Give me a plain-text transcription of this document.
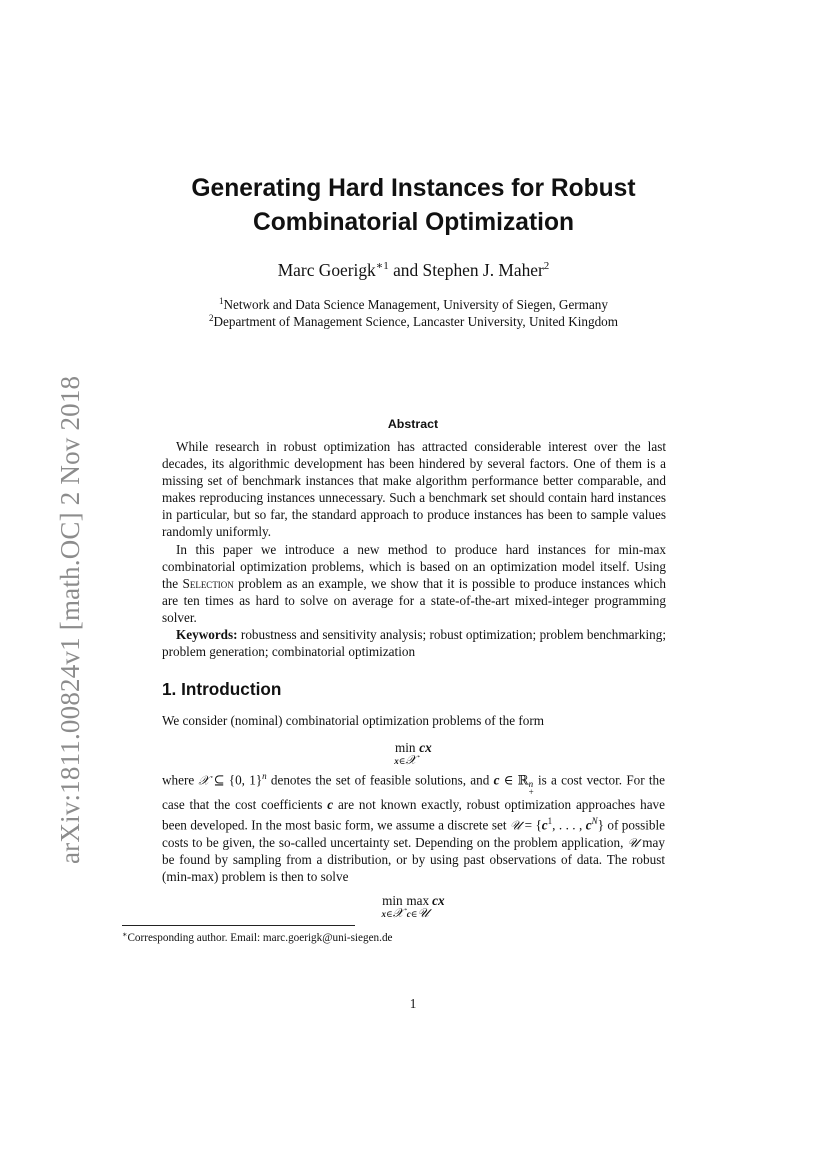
arXiv:1811.00824v1 [math.OC] 2 Nov 2018
Generating Hard Instances for Robust
Combinatorial Optimization
Marc Goerigk$^{∗1}$ and Stephen J. Maher$^2$
$^1$Network and Data Science Management, University of Siegen, Germany
$^2$Department of Management Science, Lancaster University, United Kingdom
Abstract

While research in robust optimization has attracted considerable interest over the last decades, its algorithmic development has been hindered by several factors. One of them is a missing set of benchmark instances that make algorithm performance better comparable, and makes reproducing instances unnecessary. Such a benchmark set should contain hard instances in particular, but so far, the standard approach to produce instances has been to sample values randomly uniformly.

In this paper we introduce a new method to produce hard instances for min-max combinatorial optimization problems, which is based on an optimization model itself. Using the Selection problem as an example, we show that it is possible to produce instances which are ten times as hard to solve on average for a state-of-the-art mixed-integer programming solver.

Keywords: robustness and sensitivity analysis; robust optimization; problem benchmarking; problem generation; combinatorial optimization

1. Introduction

We consider (nominal) combinatorial optimization problems of the form

min
x∈𝒳
cx

where 𝒳 ⊆ {0, 1}$^n$ denotes the set of feasible solutions, and c ∈ ℝ n
+
is a cost vector. For the case that the cost coefficients c are not known exactly, robust optimization approaches have been developed. In the most basic form, we assume a discrete set 𝒰 = {$c^1$, . . . , $c^N$} of possible costs to be given, the so-called uncertainty set. Depending on the problem application, 𝒰 may be found by sampling from a distribution, or by using past observations of data. The robust (min-max) problem is then to solve

min
x∈𝒳
max
c∈𝒰
cx
∗Corresponding author. Email: marc.goerigk@uni-siegen.de
1
